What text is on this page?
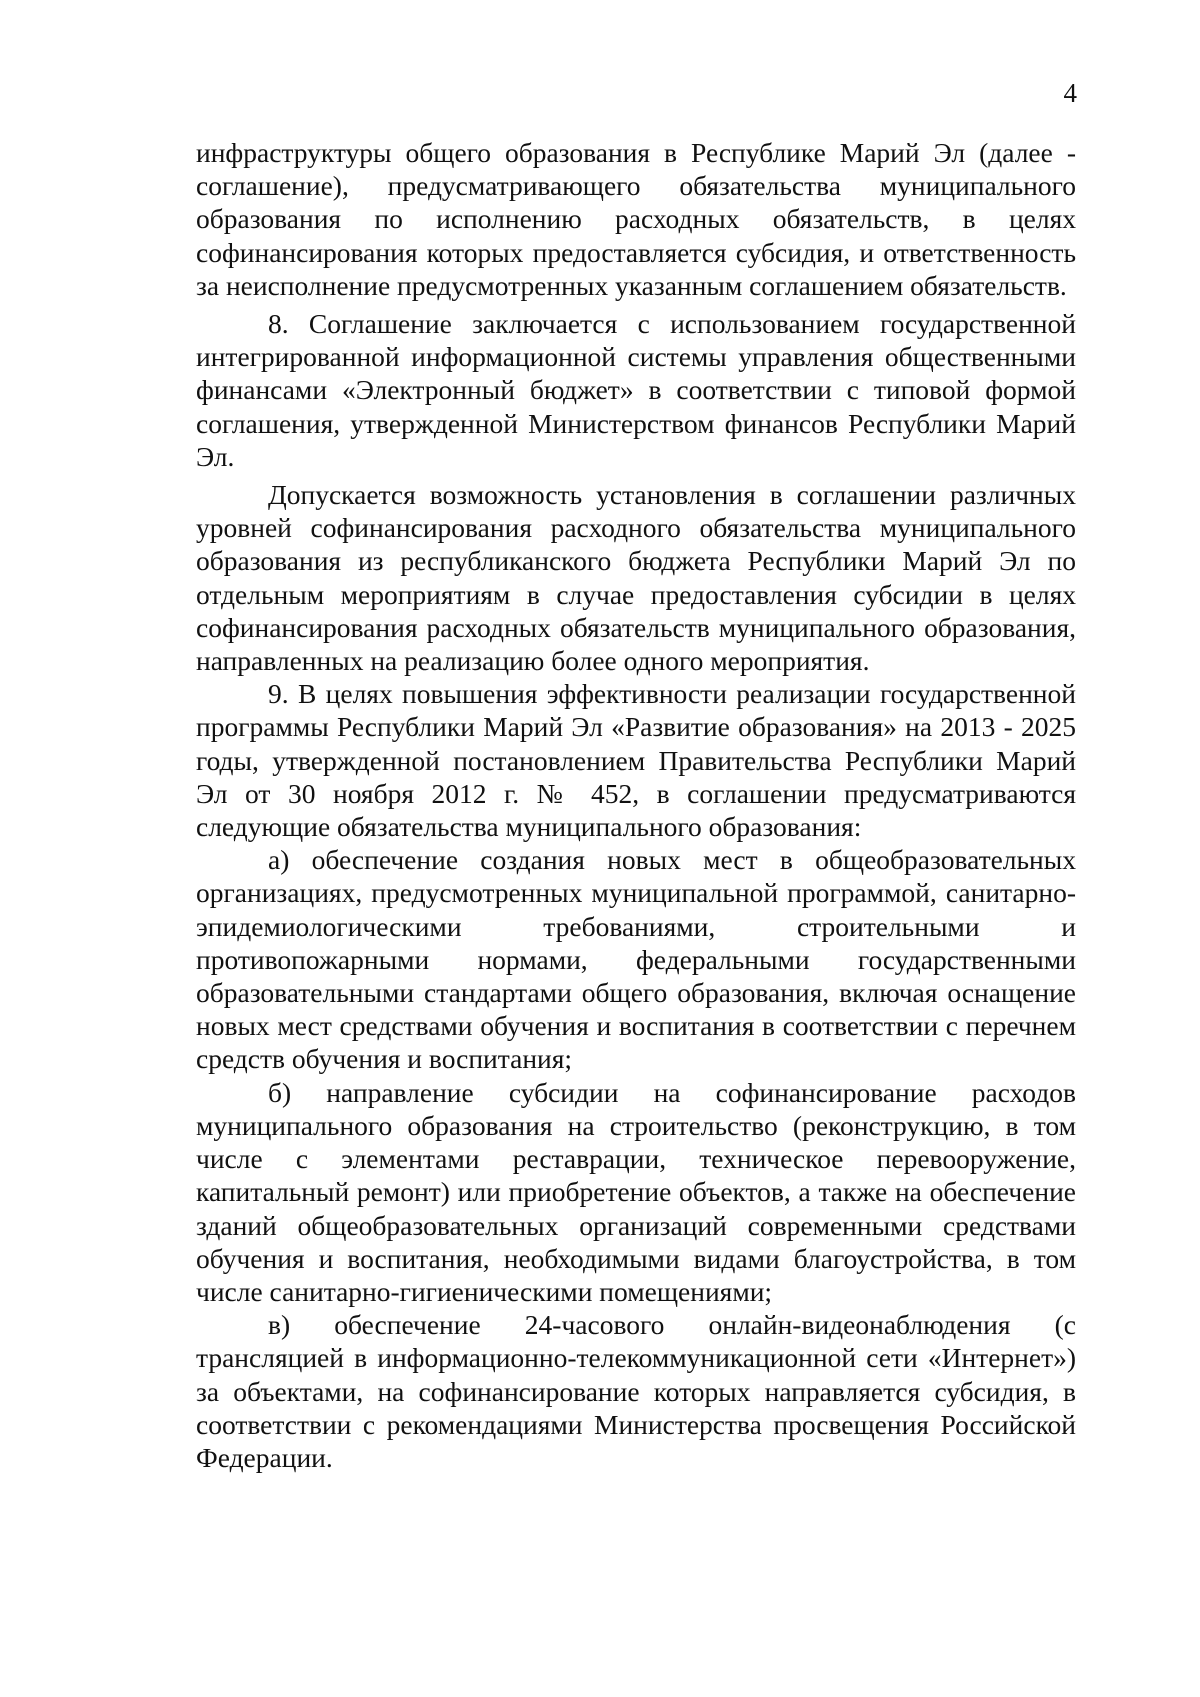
4

инфраструктуры общего образования в Республике Марий Эл (далее - соглашение), предусматривающего обязательства муниципального образования по исполнению расходных обязательств, в целях софинансирования которых предоставляется субсидия, и ответственность за неисполнение предусмотренных указанным соглашением обязательств.

8. Соглашение заключается с использованием государственной интегрированной информационной системы управления общественными финансами «Электронный бюджет» в соответствии с типовой формой соглашения, утвержденной Министерством финансов Республики Марий Эл.

Допускается возможность установления в соглашении различных уровней софинансирования расходного обязательства муниципального образования из республиканского бюджета Республики Марий Эл по отдельным мероприятиям в случае предоставления субсидии в целях софинансирования расходных обязательств муниципального образования, направленных на реализацию более одного мероприятия.

9. В целях повышения эффективности реализации государственной программы Республики Марий Эл «Развитие образования» на 2013 - 2025 годы, утвержденной постановлением Правительства Республики Марий Эл от 30 ноября 2012 г. № 452, в соглашении предусматриваются следующие обязательства муниципального образования:

а) обеспечение создания новых мест в общеобразовательных организациях, предусмотренных муниципальной программой, санитарно-эпидемиологическими требованиями, строительными и противопожарными нормами, федеральными государственными образовательными стандартами общего образования, включая оснащение новых мест средствами обучения и воспитания в соответствии с перечнем средств обучения и воспитания;

б) направление субсидии на софинансирование расходов муниципального образования на строительство (реконструкцию, в том числе с элементами реставрации, техническое перевооружение, капитальный ремонт) или приобретение объектов, а также на обеспечение зданий общеобразовательных организаций современными средствами обучения и воспитания, необходимыми видами благоустройства, в том числе санитарно-гигиеническими помещениями;

в) обеспечение 24-часового онлайн-видеонаблюдения (с трансляцией в информационно-телекоммуникационной сети «Интернет») за объектами, на софинансирование которых направляется субсидия, в соответствии с рекомендациями Министерства просвещения Российской Федерации.
